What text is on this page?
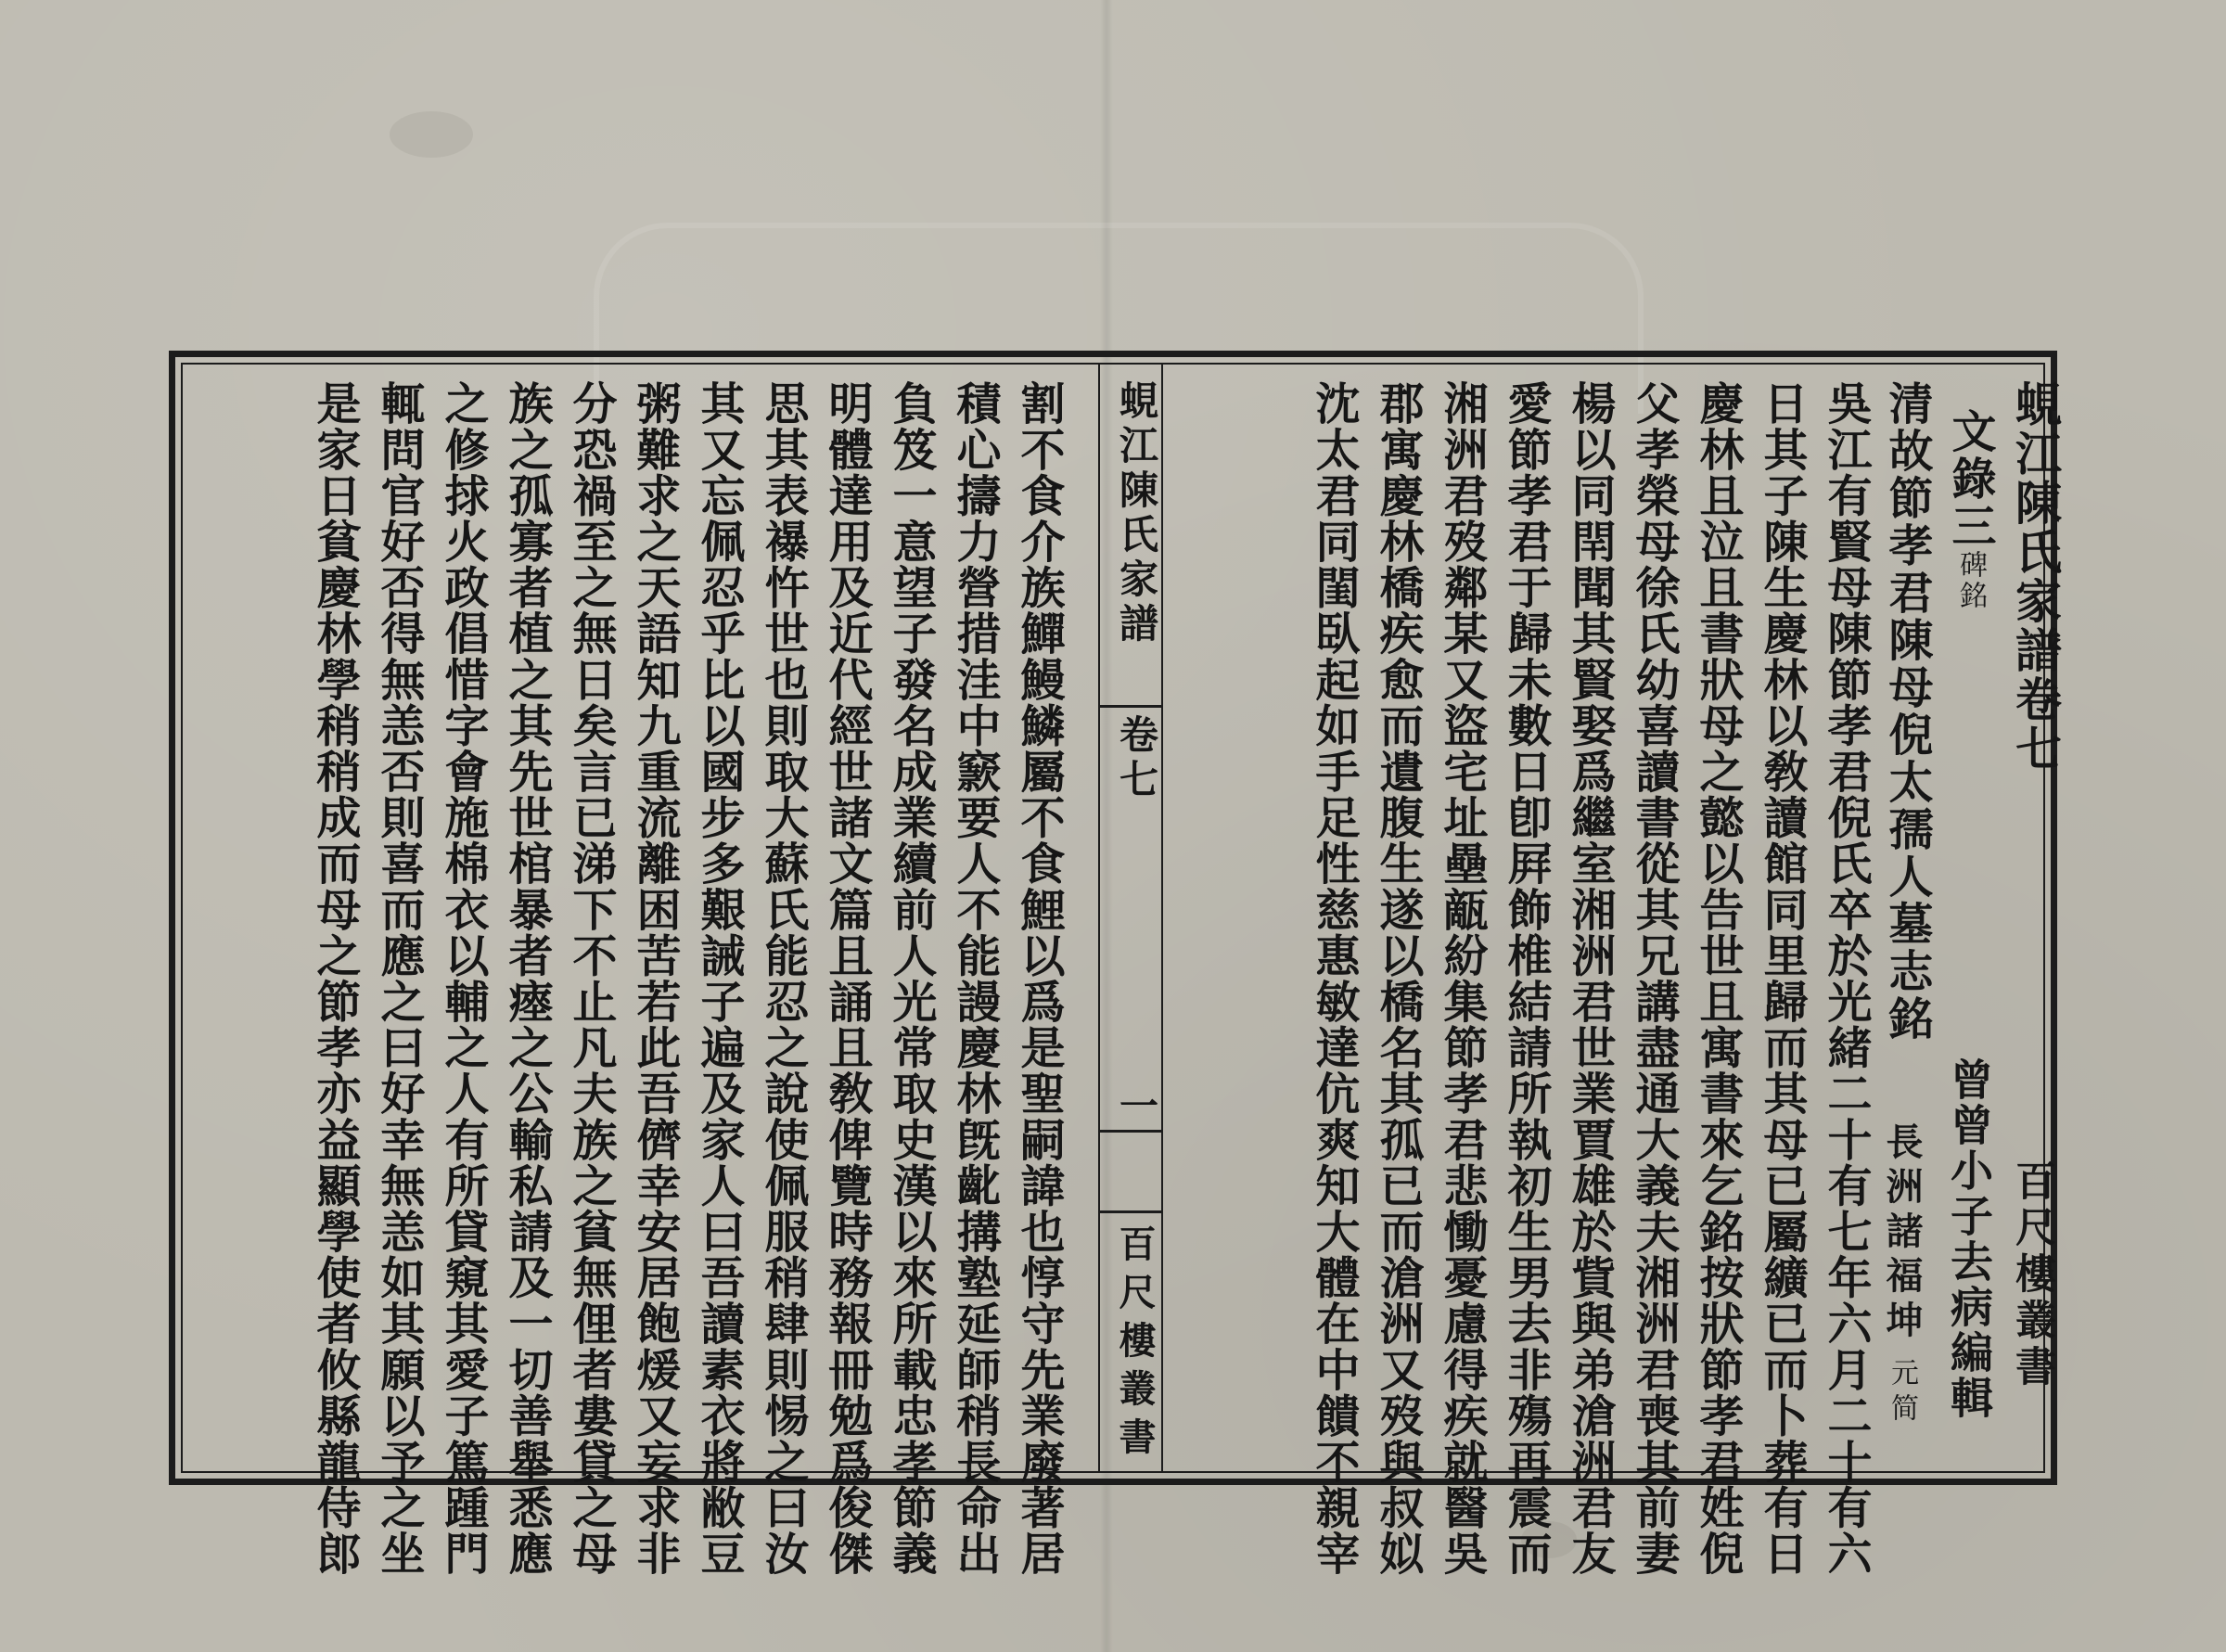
蜆江陳氏家譜卷七
百尺樓叢書
文錄三碑銘
曾曾小子去病編輯
清故節孝君陳母倪太孺人墓志銘
長洲諸福坤元简
吳江有賢母陳節孝君倪氏卒於光緒二十有七年六月二十有六
日其子陳生慶林以敎讀館同里歸而其母已屬纊已而卜葬有日
慶林且泣且書狀母之懿以告世且寓書來乞銘按狀節孝君姓倪
父孝榮母徐氏幼喜讀書從其兄講盡通大義夫湘洲君喪其前妻
楊以同閈聞其賢娶爲繼室湘洲君世業賈雄於貲與弟滄洲君友
愛節孝君于歸未數日卽屛飾椎結請所執初生男去非殤再震而
湘洲君歿鄰某又盜宅址壘甋紛集節孝君悲慟憂慮得疾就醫吳
郡寓慶林橋疾愈而遺腹生遂以橋名其孤已而滄洲又歿與叔姒
沈太君同閨臥起如手足性慈惠敏達伉爽知大體在中饋不親宰
蜆江陳氏家譜
卷七
一
百尺樓叢書
割不食介族鱓鰻鱗屬不食鯉以爲是聖嗣諱也惇守先業廢著居
積心擣力營措洼中窾要人不能謾慶林旣齔搆塾延師稍長命出
負笈一意望子發名成業續前人光常取史漢以來所載忠孝節義
明體達用及近代經世諸文篇且誦且敎俾覽時務報冊勉爲俊傑
思其表襮忤世也則取大蘇氏能忍之說使佩服稍肆則惕之曰汝
其又忘佩忍乎比以國步多艱誡子遍及家人曰吾讀素衣將敝豆
粥難求之天語知九重流離困苦若此吾儕幸安居飽煖又妄求非
分恐禍至之無日矣言已涕下不止凡夫族之貧無俚者婁貸之母
族之孤寡者植之其先世棺暴者瘞之公輸私請及一切善舉悉應
之修捄火政倡惜字會施棉衣以輔之人有所貸窺其愛子篤踵門
輒問官好否得無恙否則喜而應之曰好幸無恙如其願以予之坐
是家日貧慶林學稍稍成而母之節孝亦益顯學使者攸縣龍侍郎
